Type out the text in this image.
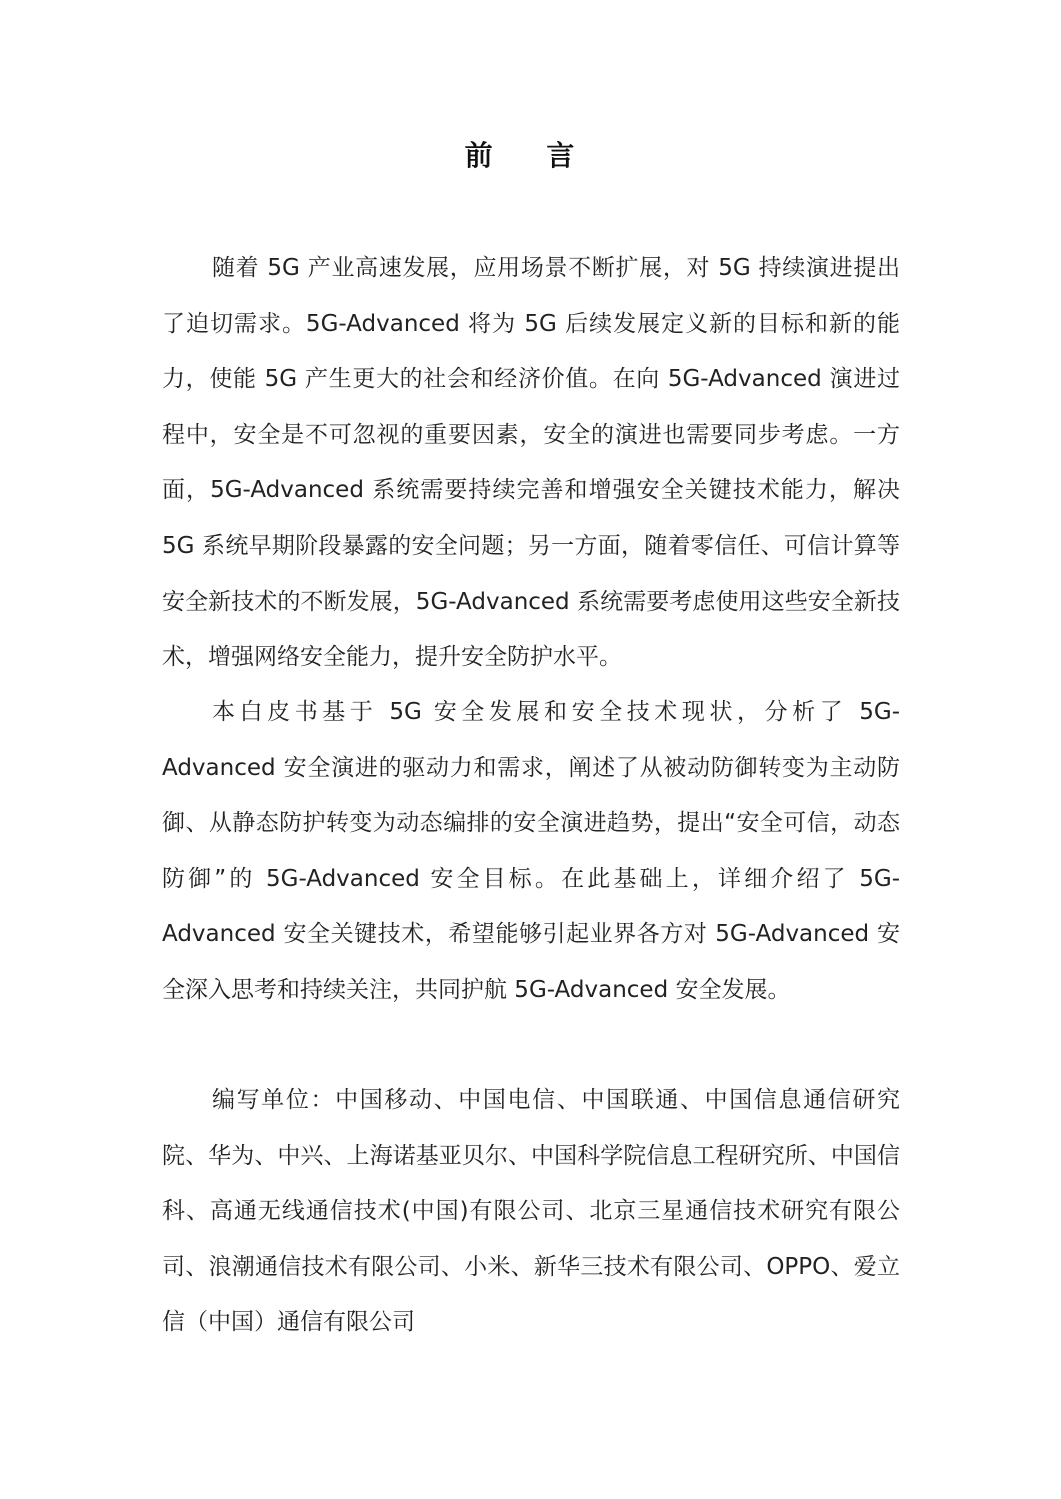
前 言

随着 5G 产业高速发展，应用场景不断扩展，对 5G 持续演进提出了迫切需求。5G-Advanced 将为 5G 后续发展定义新的目标和新的能力，使能 5G 产生更大的社会和经济价值。在向 5G-Advanced 演进过程中，安全是不可忽视的重要因素，安全的演进也需要同步考虑。一方面，5G-Advanced 系统需要持续完善和增强安全关键技术能力，解决 5G 系统早期阶段暴露的安全问题；另一方面，随着零信任、可信计算等安全新技术的不断发展，5G-Advanced 系统需要考虑使用这些安全新技术，增强网络安全能力，提升安全防护水平。

本白皮书基于 5G 安全发展和安全技术现状，分析了 5G-Advanced 安全演进的驱动力和需求，阐述了从被动防御转变为主动防御、从静态防护转变为动态编排的安全演进趋势，提出“安全可信，动态防御”的 5G-Advanced 安全目标。在此基础上，详细介绍了 5G-Advanced 安全关键技术，希望能够引起业界各方对 5G-Advanced 安全深入思考和持续关注，共同护航 5G-Advanced 安全发展。

编写单位：中国移动、中国电信、中国联通、中国信息通信研究院、华为、中兴、上海诺基亚贝尔、中国科学院信息工程研究所、中国信科、高通无线通信技术(中国)有限公司、北京三星通信技术研究有限公司、浪潮通信技术有限公司、小米、新华三技术有限公司、OPPO、爱立信（中国）通信有限公司
